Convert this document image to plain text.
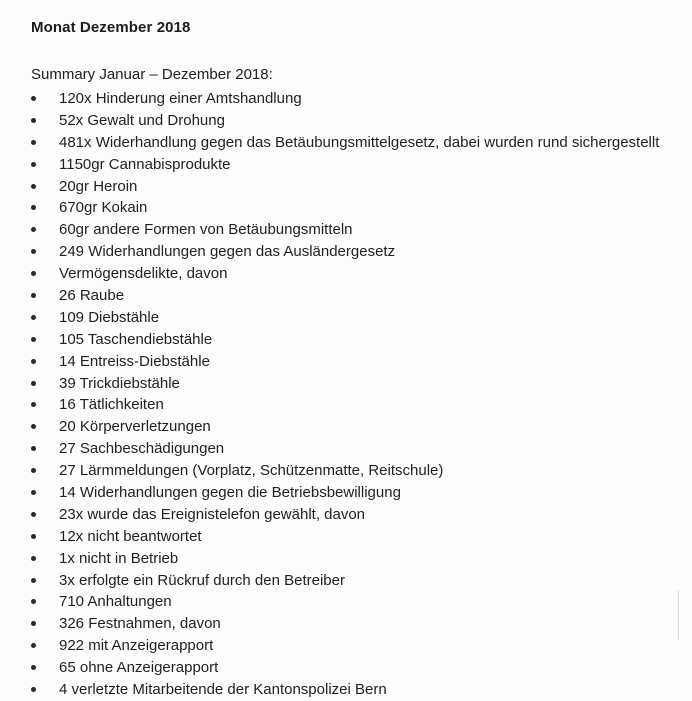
Monat Dezember 2018
Summary Januar – Dezember 2018:
120x Hinderung einer Amtshandlung
52x Gewalt und Drohung
481x Widerhandlung gegen das Betäubungsmittelgesetz, dabei wurden rund sichergestellt
1150gr Cannabisprodukte
20gr Heroin
670gr Kokain
60gr andere Formen von Betäubungsmitteln
249 Widerhandlungen gegen das Ausländergesetz
Vermögensdelikte, davon
26 Raube
109 Diebstähle
105 Taschendiebstähle
14 Entreiss-Diebstähle
39 Trickdiebstähle
16 Tätlichkeiten
20 Körperverletzungen
27 Sachbeschädigungen
27 Lärmmeldungen (Vorplatz, Schützenmatte, Reitschule)
14 Widerhandlungen gegen die Betriebsbewilligung
23x wurde das Ereignistelefon gewählt, davon
12x nicht beantwortet
1x nicht in Betrieb
3x erfolgte ein Rückruf durch den Betreiber
710 Anhaltungen
326 Festnahmen, davon
922 mit Anzeigerapport
65 ohne Anzeigerapport
4 verletzte Mitarbeitende der Kantonspolizei Bern
